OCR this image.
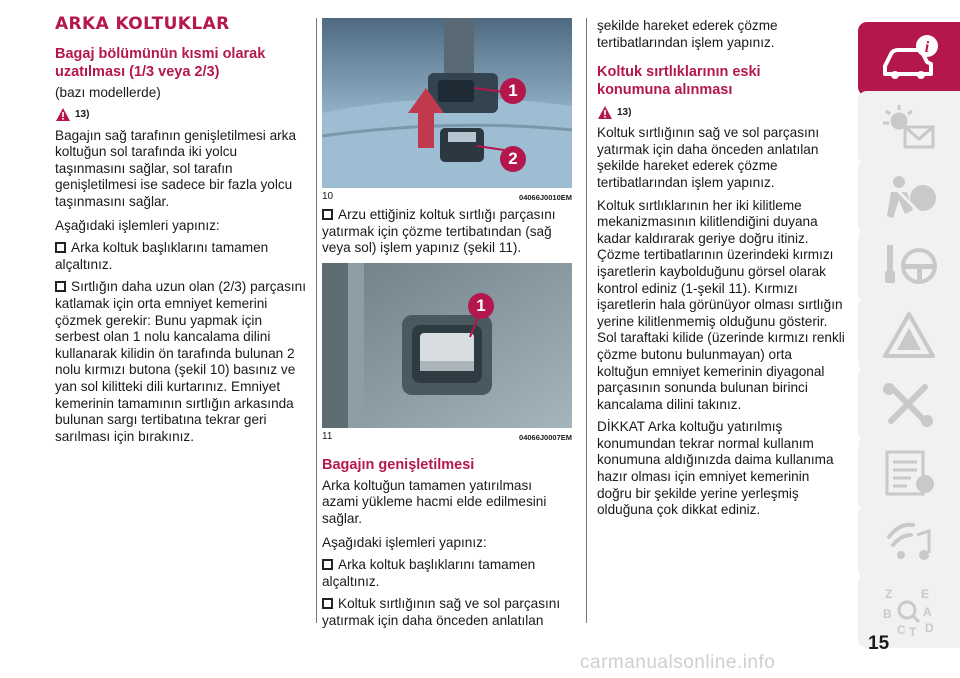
ARKA KOLTUKLAR
Bagaj bölümünün kısmi olarak uzatılması (1/3 veya 2/3)

(bazı modellerde)

13)

Bagajın sağ tarafının genişletilmesi arka koltuğun sol tarafında iki yolcu taşınmasını sağlar, sol tarafın genişletilmesi ise sadece bir fazla yolcu taşınmasını sağlar.

Aşağıdaki işlemleri yapınız:

Arka koltuk başlıklarını tamamen alçaltınız.

Sırtlığın daha uzun olan (2/3) parçasını katlamak için orta emniyet kemerini çözmek gerekir: Bunu yapmak için serbest olan 1 nolu kancalama dilini kullanarak kilidin ön tarafında bulunan 2 nolu kırmızı butona (şekil 10) basınız ve yan sol kilitteki dili kurtarınız. Emniyet kemerinin tamamının sırtlığın arkasında bulunan sargı tertibatına tekrar geri sarılması için bırakınız.

1
2
10	04066J0010EM

Arzu ettiğiniz koltuk sırtlığı parçasını yatırmak için çözme tertibatından (sağ veya sol) işlem yapınız (şekil 11).

1
11	04066J0007EM
Bagajın genişletilmesi

Arka koltuğun tamamen yatırılması azami yükleme hacmi elde edilmesini sağlar.

Aşağıdaki işlemleri yapınız:

Arka koltuk başlıklarını tamamen alçaltınız.

Koltuk sırtlığının sağ ve sol parçasını yatırmak için daha önceden anlatılan

şekilde hareket ederek çözme tertibatlarından işlem yapınız.

Koltuk sırtlıklarının eski konumuna alınması
13)

Koltuk sırtlığının sağ ve sol parçasını yatırmak için daha önceden anlatılan şekilde hareket ederek çözme tertibatlarından işlem yapınız.

Koltuk sırtlıklarının her iki kilitleme mekanizmasının kilitlendiğini duyana kadar kaldırarak geriye doğru itiniz. Çözme tertibatlarının üzerindeki kırmızı işaretlerin kaybolduğunu görsel olarak kontrol ediniz (1-şekil 11). Kırmızı işaretlerin hala görünüyor olması sırtlığın yerine kilitlenmemiş olduğunu gösterir. Sol taraftaki kilide (üzerinde kırmızı renkli çözme butonu bulunmayan) orta koltuğun emniyet kemerinin diyagonal parçasının sonunda bulunan birinci kancalama dilini takınız.

DİKKAT Arka koltuğu yatırılmış konumundan tekrar normal kullanım konumuna aldığınızda daima kullanıma hazır olması için emniyet kemerinin doğru bir şekilde yerine yerleşmiş olduğuna çok dikkat ediniz.

i
Z E
B	A
C T D
15
carmanualsonline.info
